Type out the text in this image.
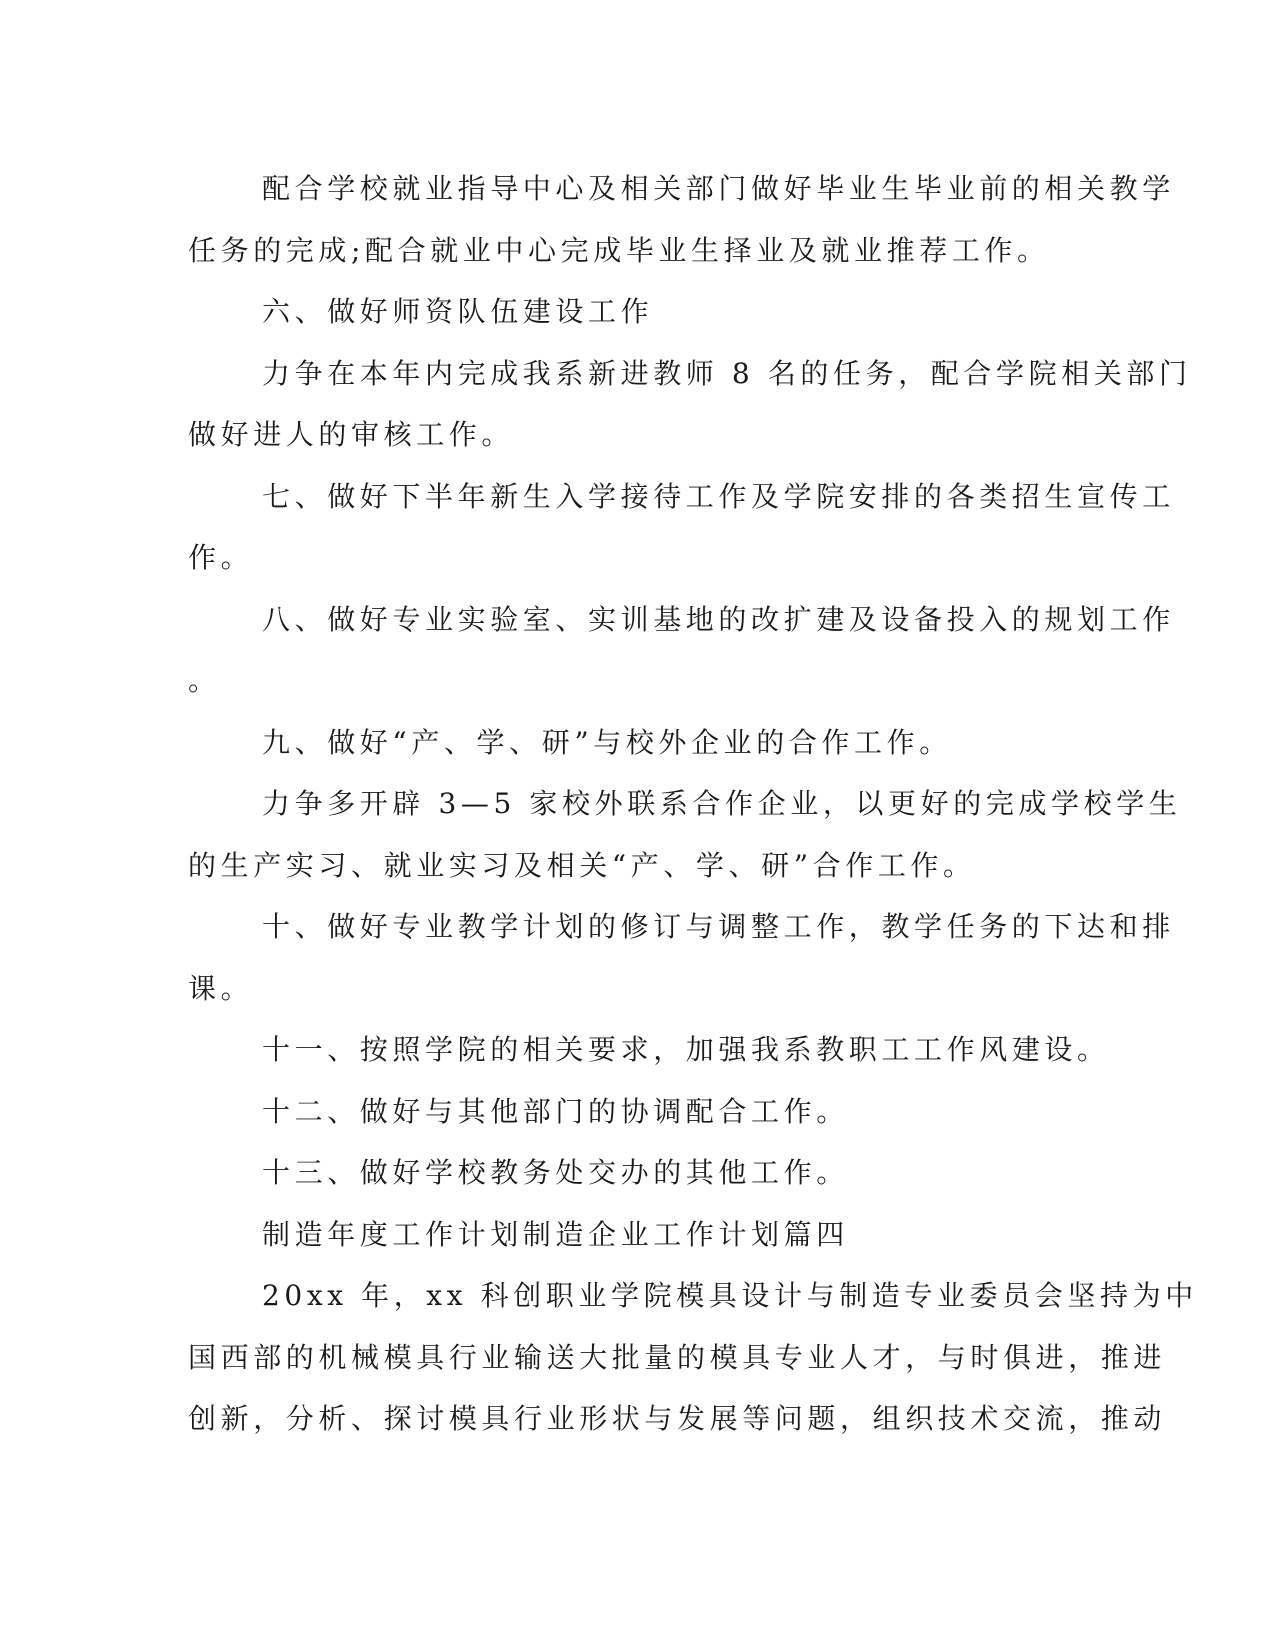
配合学校就业指导中心及相关部门做好毕业生毕业前的相关教学
任务的完成;配合就业中心完成毕业生择业及就业推荐工作。
六、做好师资队伍建设工作
力争在本年内完成我系新进教师 8 名的任务，配合学院相关部门
做好进人的审核工作。
七、做好下半年新生入学接待工作及学院安排的各类招生宣传工
作。
八、做好专业实验室、实训基地的改扩建及设备投入的规划工作
。
九、做好“产、学、研”与校外企业的合作工作。
力争多开辟 3—5 家校外联系合作企业，以更好的完成学校学生
的生产实习、就业实习及相关“产、学、研”合作工作。
十、做好专业教学计划的修订与调整工作，教学任务的下达和排
课。
十一、按照学院的相关要求，加强我系教职工工作风建设。
十二、做好与其他部门的协调配合工作。
十三、做好学校教务处交办的其他工作。
制造年度工作计划制造企业工作计划篇四
20xx 年，xx 科创职业学院模具设计与制造专业委员会坚持为中
国西部的机械模具行业输送大批量的模具专业人才，与时俱进，推进
创新，分析、探讨模具行业形状与发展等问题，组织技术交流，推动
